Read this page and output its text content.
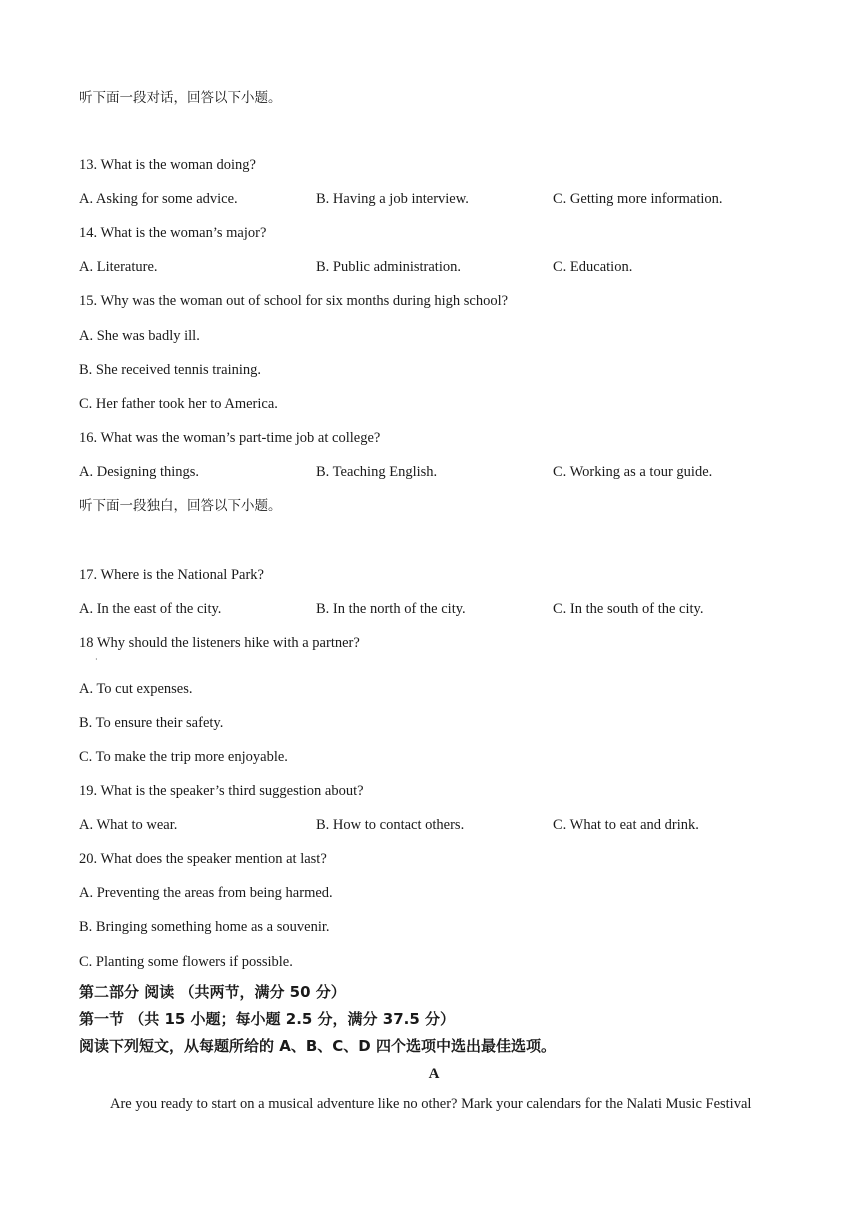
听下面一段对话，回答以下小题。
13. What is the woman doing?
A. Asking for some advice.	B. Having a job interview.	C. Getting more information.
14. What is the woman’s major?
A. Literature.	B. Public administration.	C. Education.
15. Why was the woman out of school for six months during high school?
A. She was badly ill.
B. She received tennis training.
C. Her father took her to America.
16. What was the woman’s part-time job at college?
A. Designing things.	B. Teaching English.	C. Working as a tour guide.
听下面一段独白，回答以下小题。
17. Where is the National Park?
A. In the east of the city.	B. In the north of the city.	C. In the south of the city.
18 Why should the listeners hike with a partner?
·
A. To cut expenses.
B. To ensure their safety.
C. To make the trip more enjoyable.
19. What is the speaker’s third suggestion about?
A. What to wear.	B. How to contact others.	C. What to eat and drink.
20. What does the speaker mention at last?
A. Preventing the areas from being harmed.
B. Bringing something home as a souvenir.
C. Planting some flowers if possible.
第二部分 阅读 （共两节，满分 50 分）
第一节 （共 15 小题；每小题 2.5 分，满分 37.5 分）
阅读下列短文，从每题所给的 A、B、C、D 四个选项中选出最佳选项。
A
Are you ready to start on a musical adventure like no other? Mark your calendars for the Nalati Music Festival
